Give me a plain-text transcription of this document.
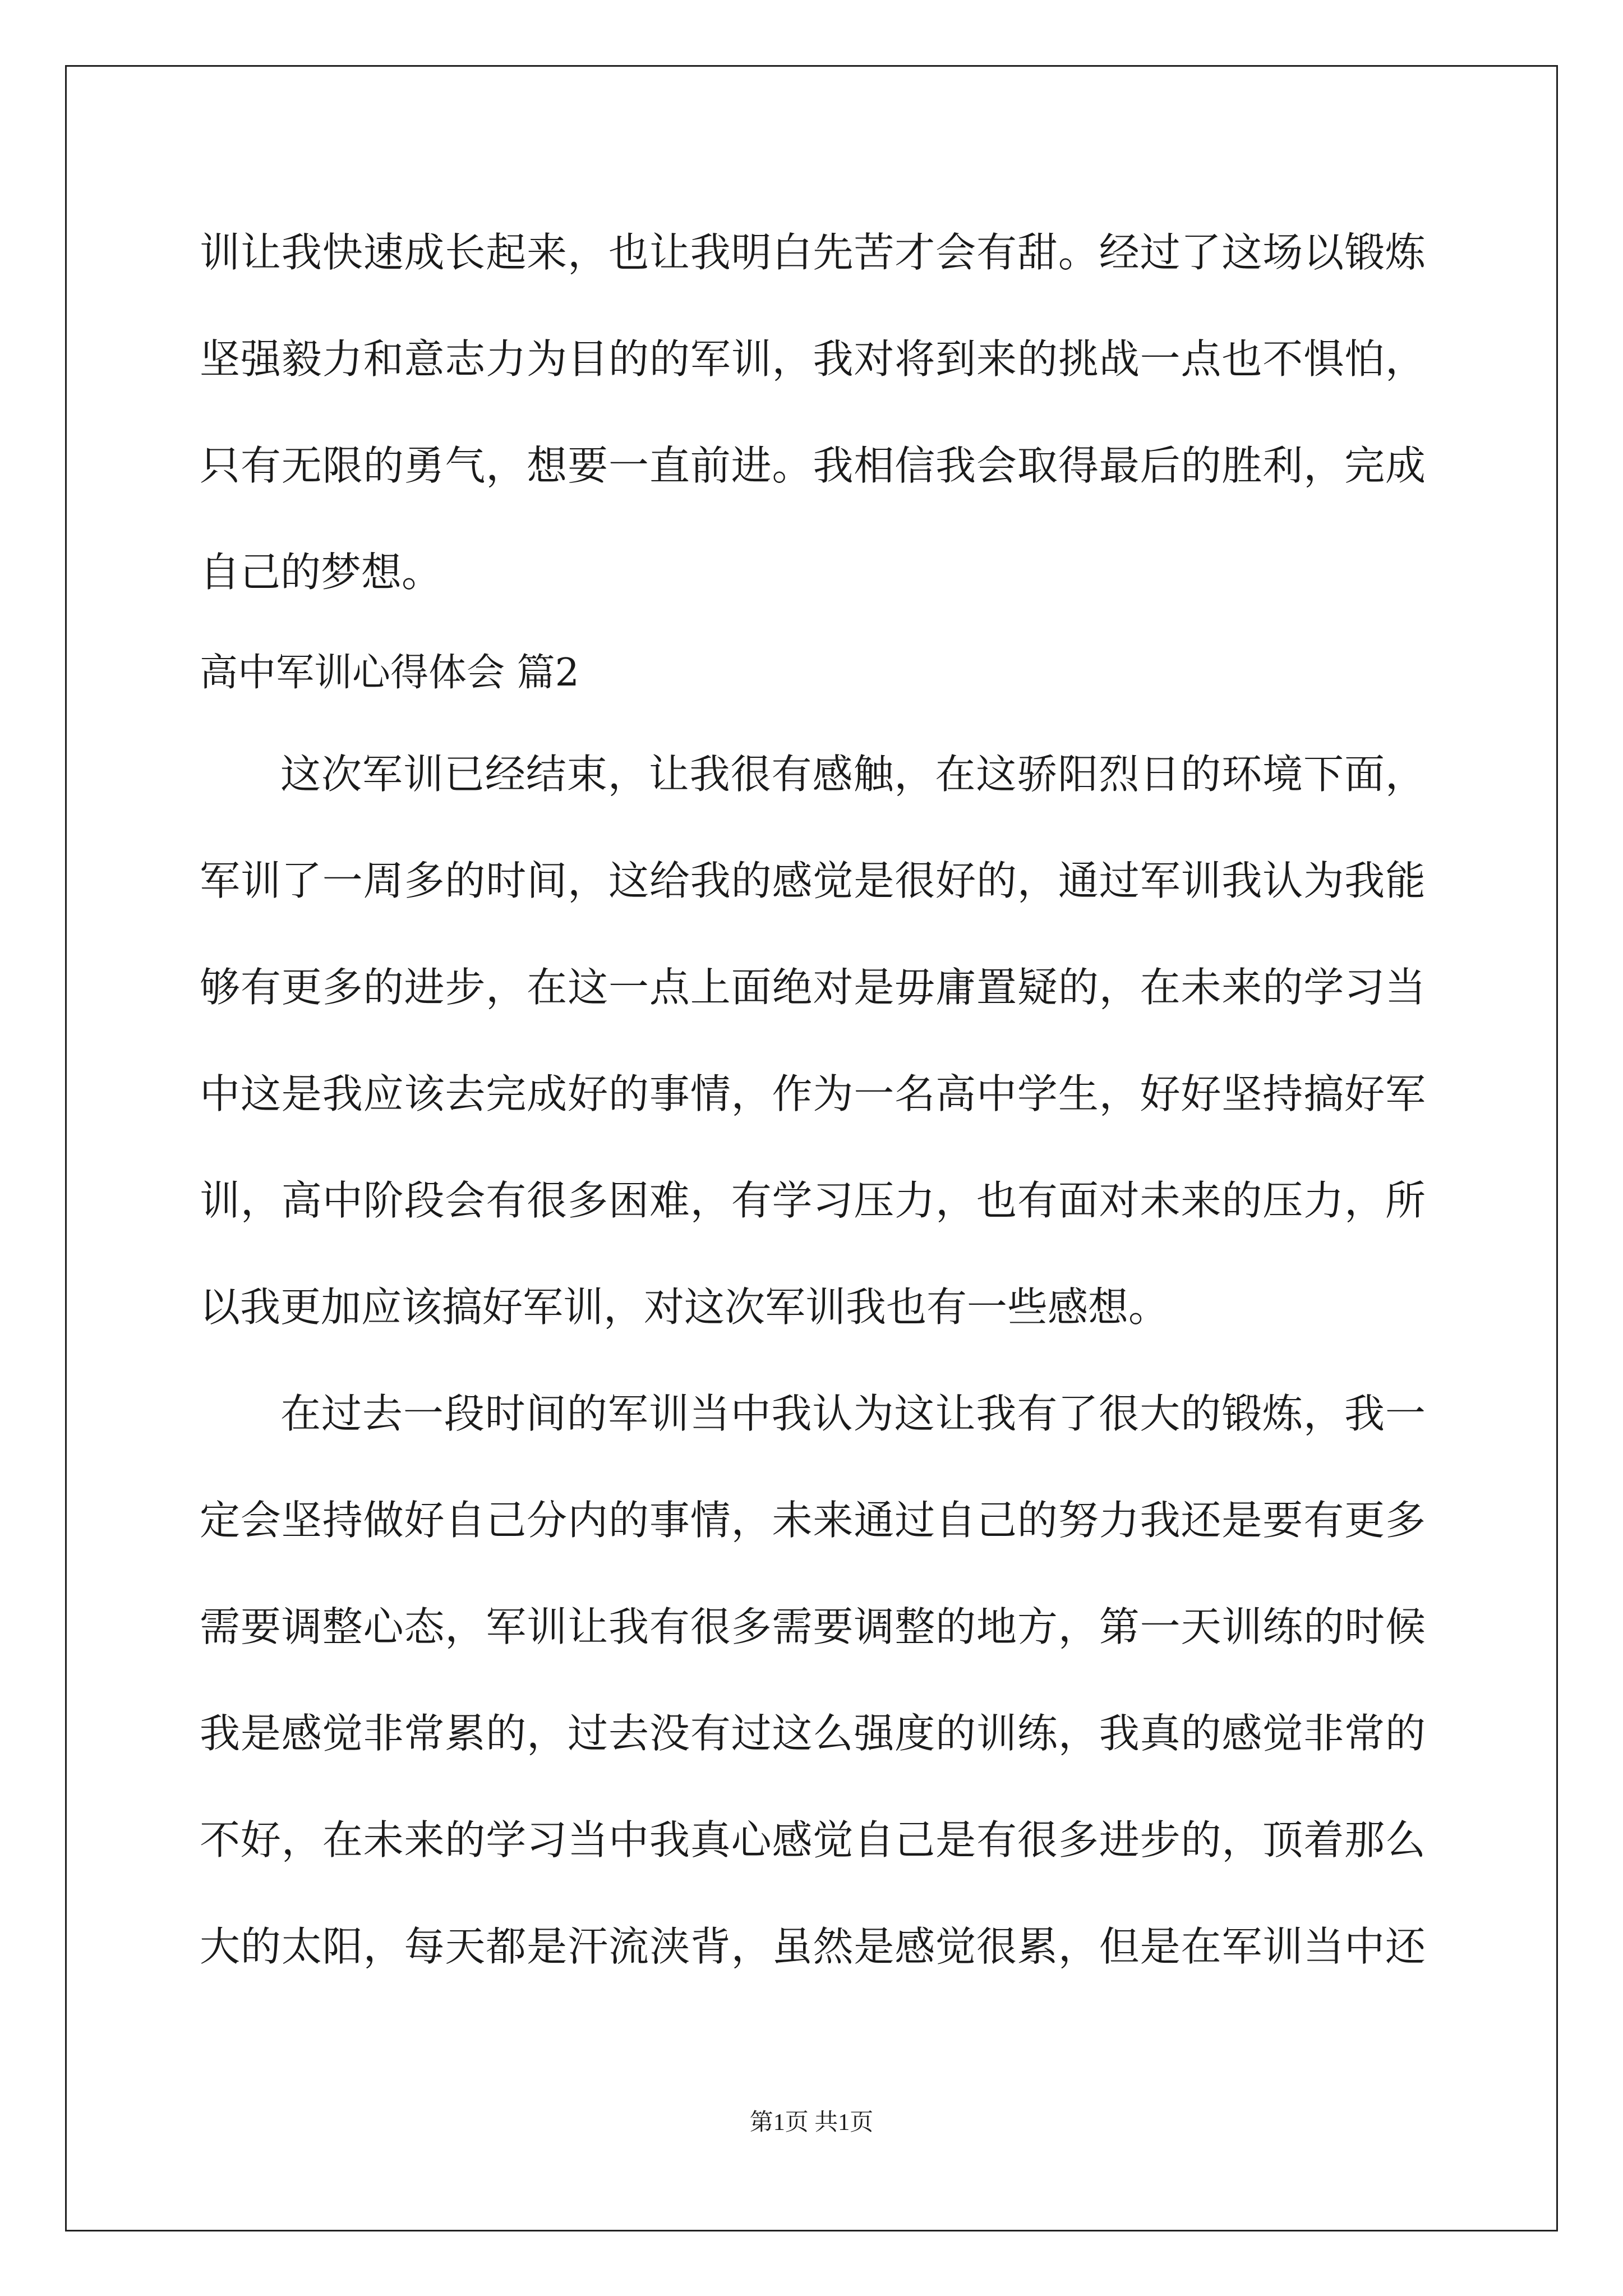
训让我快速成长起来，也让我明白先苦才会有甜。经过了这场以锻炼
坚强毅力和意志力为目的的军训，我对将到来的挑战一点也不惧怕，
只有无限的勇气，想要一直前进。我相信我会取得最后的胜利，完成
自己的梦想。
高中军训心得体会 篇2
这次军训已经结束，让我很有感触，在这骄阳烈日的环境下面，
军训了一周多的时间，这给我的感觉是很好的，通过军训我认为我能
够有更多的进步，在这一点上面绝对是毋庸置疑的，在未来的学习当
中这是我应该去完成好的事情，作为一名高中学生，好好坚持搞好军
训，高中阶段会有很多困难，有学习压力，也有面对未来的压力，所
以我更加应该搞好军训，对这次军训我也有一些感想。
在过去一段时间的军训当中我认为这让我有了很大的锻炼，我一
定会坚持做好自己分内的事情，未来通过自己的努力我还是要有更多
需要调整心态，军训让我有很多需要调整的地方，第一天训练的时候
我是感觉非常累的，过去没有过这么强度的训练，我真的感觉非常的
不好，在未来的学习当中我真心感觉自己是有很多进步的，顶着那么
大的太阳，每天都是汗流浃背，虽然是感觉很累，但是在军训当中还
第1页 共1页
